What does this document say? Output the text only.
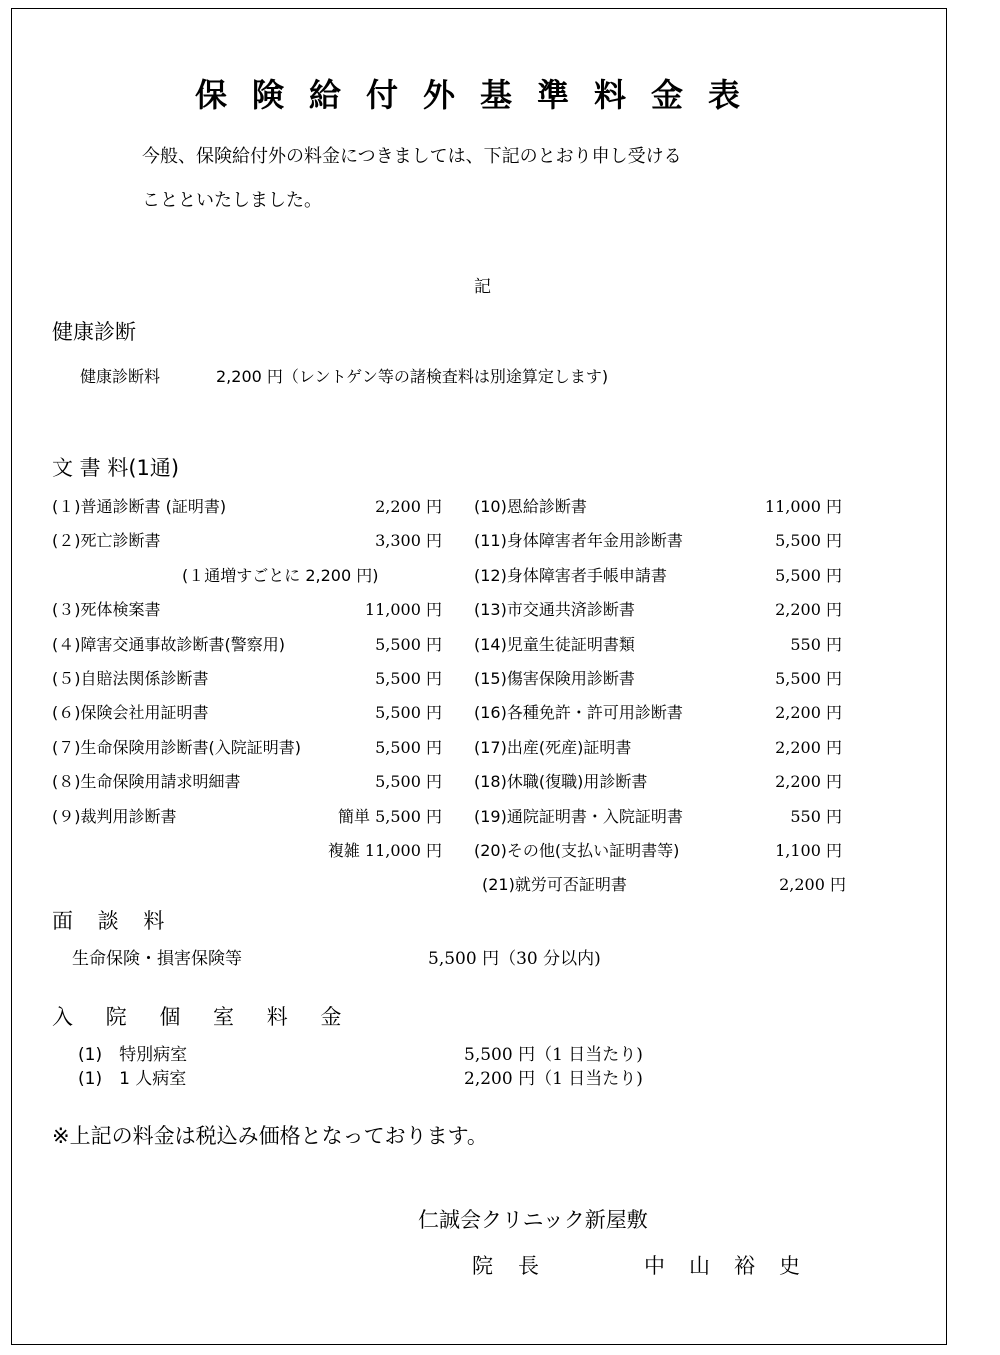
保険給付外基準料金表
今般、保険給付外の料金につきましては、下記のとおり申し受ける
ことといたしました。
記
健康診断
健康診断料	2,200 円（レントゲン等の諸検査料は別途算定します)
文 書 料(1通)
(１)普通診断書 (証明書)	2,200 円
(２)死亡診断書	3,300 円
(１通増すごとに 2,200 円)
(３)死体検案書	11,000 円
(４)障害交通事故診断書(警察用)	5,500 円
(５)自賠法関係診断書	5,500 円
(６)保険会社用証明書	5,500 円
(７)生命保険用診断書(入院証明書)	5,500 円
(８)生命保険用請求明細書	5,500 円
(９)裁判用診断書	簡単 5,500 円
複雑 11,000 円
(10)恩給診断書	11,000 円
(11)身体障害者年金用診断書	5,500 円
(12)身体障害者手帳申請書	5,500 円
(13)市交通共済診断書	2,200 円
(14)児童生徒証明書類	550 円
(15)傷害保険用診断書	5,500 円
(16)各種免許・許可用診断書	2,200 円
(17)出産(死産)証明書	2,200 円
(18)休職(復職)用診断書	2,200 円
(19)通院証明書・入院証明書	550 円
(20)その他(支払い証明書等)	1,100 円
(21)就労可否証明書	2,200 円
面 談 料
生命保険・損害保険等	5,500 円（30 分以内)
入 院 個 室 料 金
(1)　特別病室	5,500 円（1 日当たり)
(1)　1 人病室	2,200 円（1 日当たり)
※上記の料金は税込み価格となっております。
仁誠会クリニック新屋敷
院長	中山裕史
